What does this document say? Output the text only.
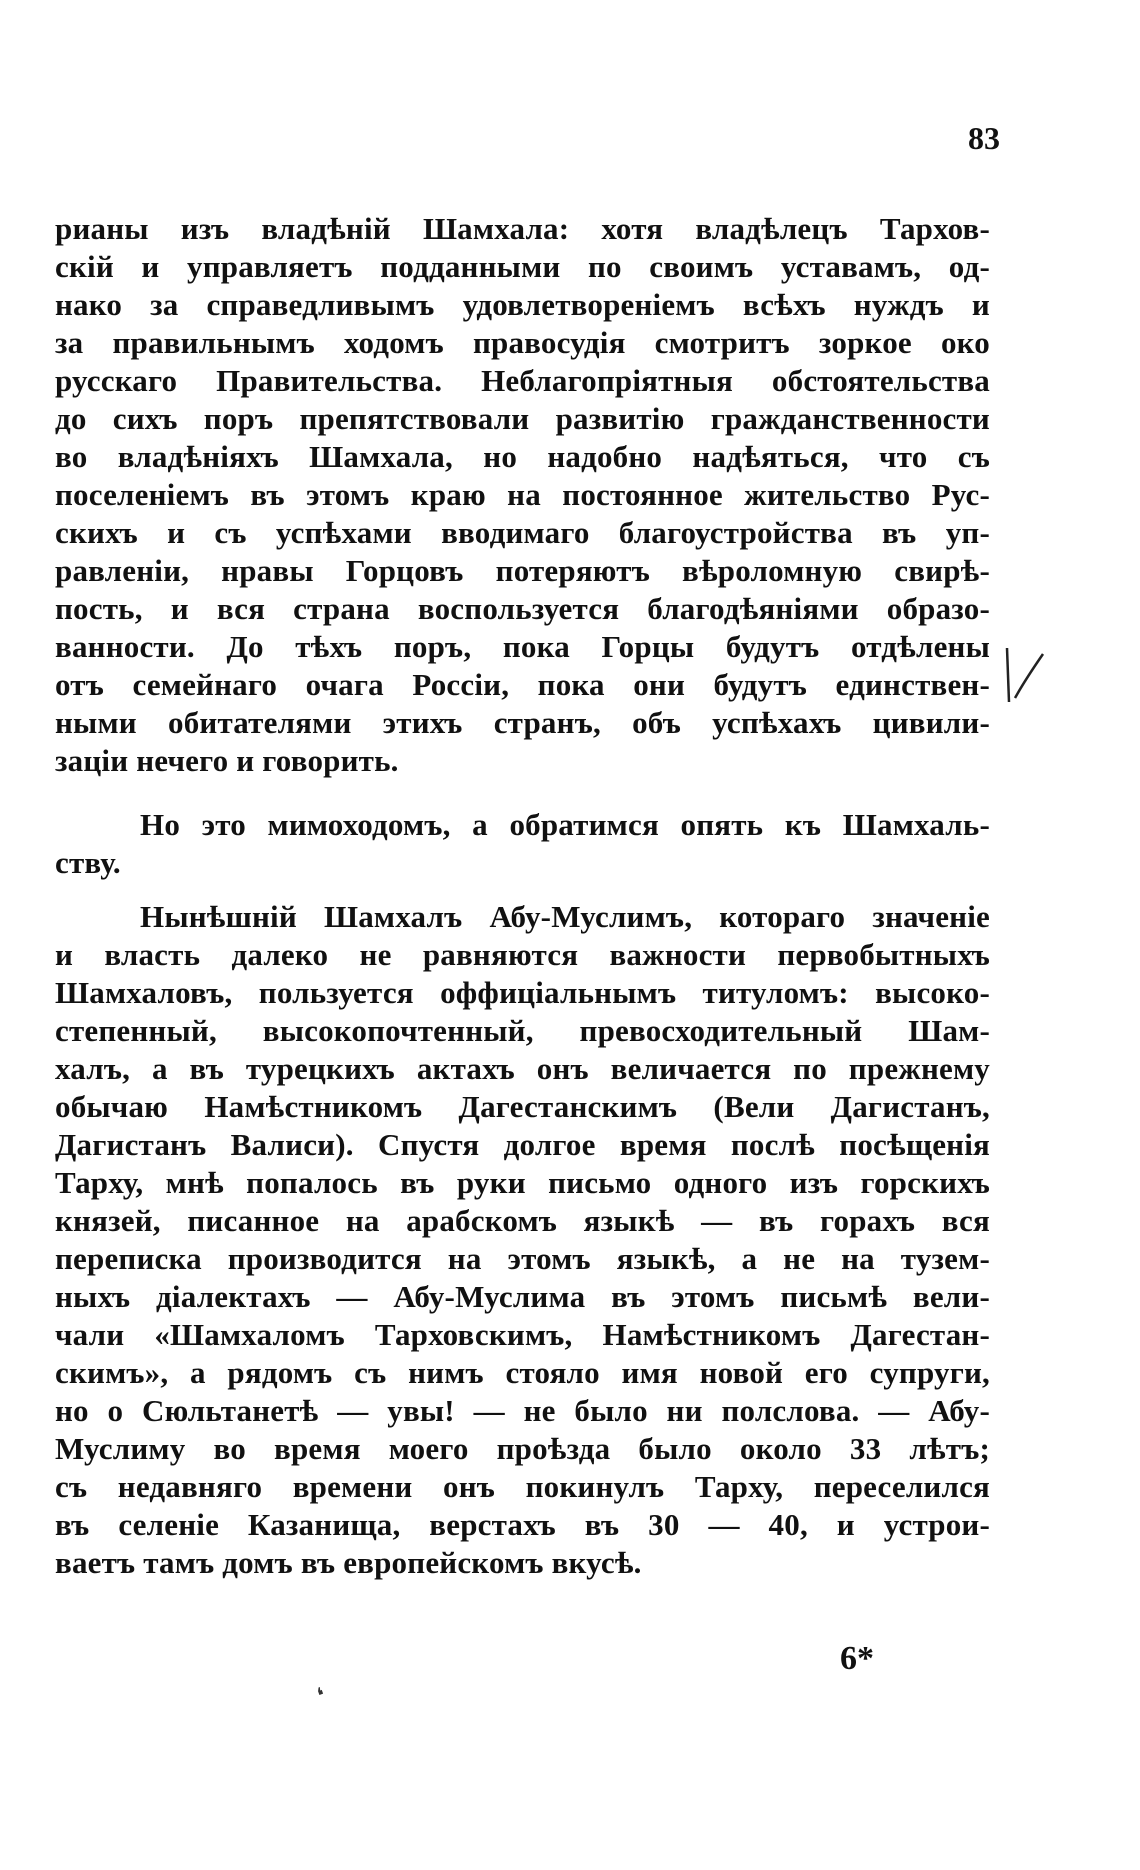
83
рианы изъ владѣній Шамхала: хотя владѣлецъ Тархов-
скій и управляетъ подданными по своимъ уставамъ, од-
нако за справедливымъ удовлетвореніемъ всѣхъ нуждъ и
за правильнымъ ходомъ правосудія смотритъ зоркое око
русскаго Правительства. Неблагопріятныя обстоятельства
до сихъ поръ препятствовали развитію гражданственности
во владѣніяхъ Шамхала, но надобно надѣяться, что съ
поселеніемъ въ этомъ краю на постоянное жительство Рус-
скихъ и съ успѣхами вводимаго благоустройства въ уп-
равленіи, нравы Горцовъ потеряютъ вѣроломную свирѣ-
пость, и вся страна воспользуется благодѣяніями образо-
ванности. До тѣхъ поръ, пока Горцы будутъ отдѣлены
отъ семейнаго очага Россіи, пока они будутъ единствен-
ными обитателями этихъ странъ, объ успѣхахъ цивили-
заціи нечего и говорить.
Но это мимоходомъ, а обратимся опять къ Шамхаль-
ству.
Нынѣшній Шамхалъ Абу-Муслимъ, котораго значеніе
и власть далеко не равняются важности первобытныхъ
Шамхаловъ, пользуется оффиціальнымъ титуломъ: высоко-
степенный, высокопочтенный, превосходительный Шам-
халъ, а въ турецкихъ актахъ онъ величается по прежнему
обычаю Намѣстникомъ Дагестанскимъ (Вели Дагистанъ,
Дагистанъ Валиси). Спустя долгое время послѣ посѣщенія
Тарху, мнѣ попалось въ руки письмо одного изъ горскихъ
князей, писанное на арабскомъ языкѣ — въ горахъ вся
переписка производится на этомъ языкѣ, а не на тузем-
ныхъ діалектахъ — Абу-Муслима въ этомъ письмѣ вели-
чали «Шамхаломъ Тарховскимъ, Намѣстникомъ Дагестан-
скимъ», а рядомъ съ нимъ стояло имя новой его супруги,
но о Сюльтанетѣ — увы! — не было ни полслова. — Абу-
Муслиму во время моего проѣзда было около 33 лѣтъ;
съ недавняго времени онъ покинулъ Тарху, переселился
въ селеніе Казанища, верстахъ въ 30 — 40, и устрои-
ваетъ тамъ домъ въ европейскомъ вкусѣ.
6*
❛
